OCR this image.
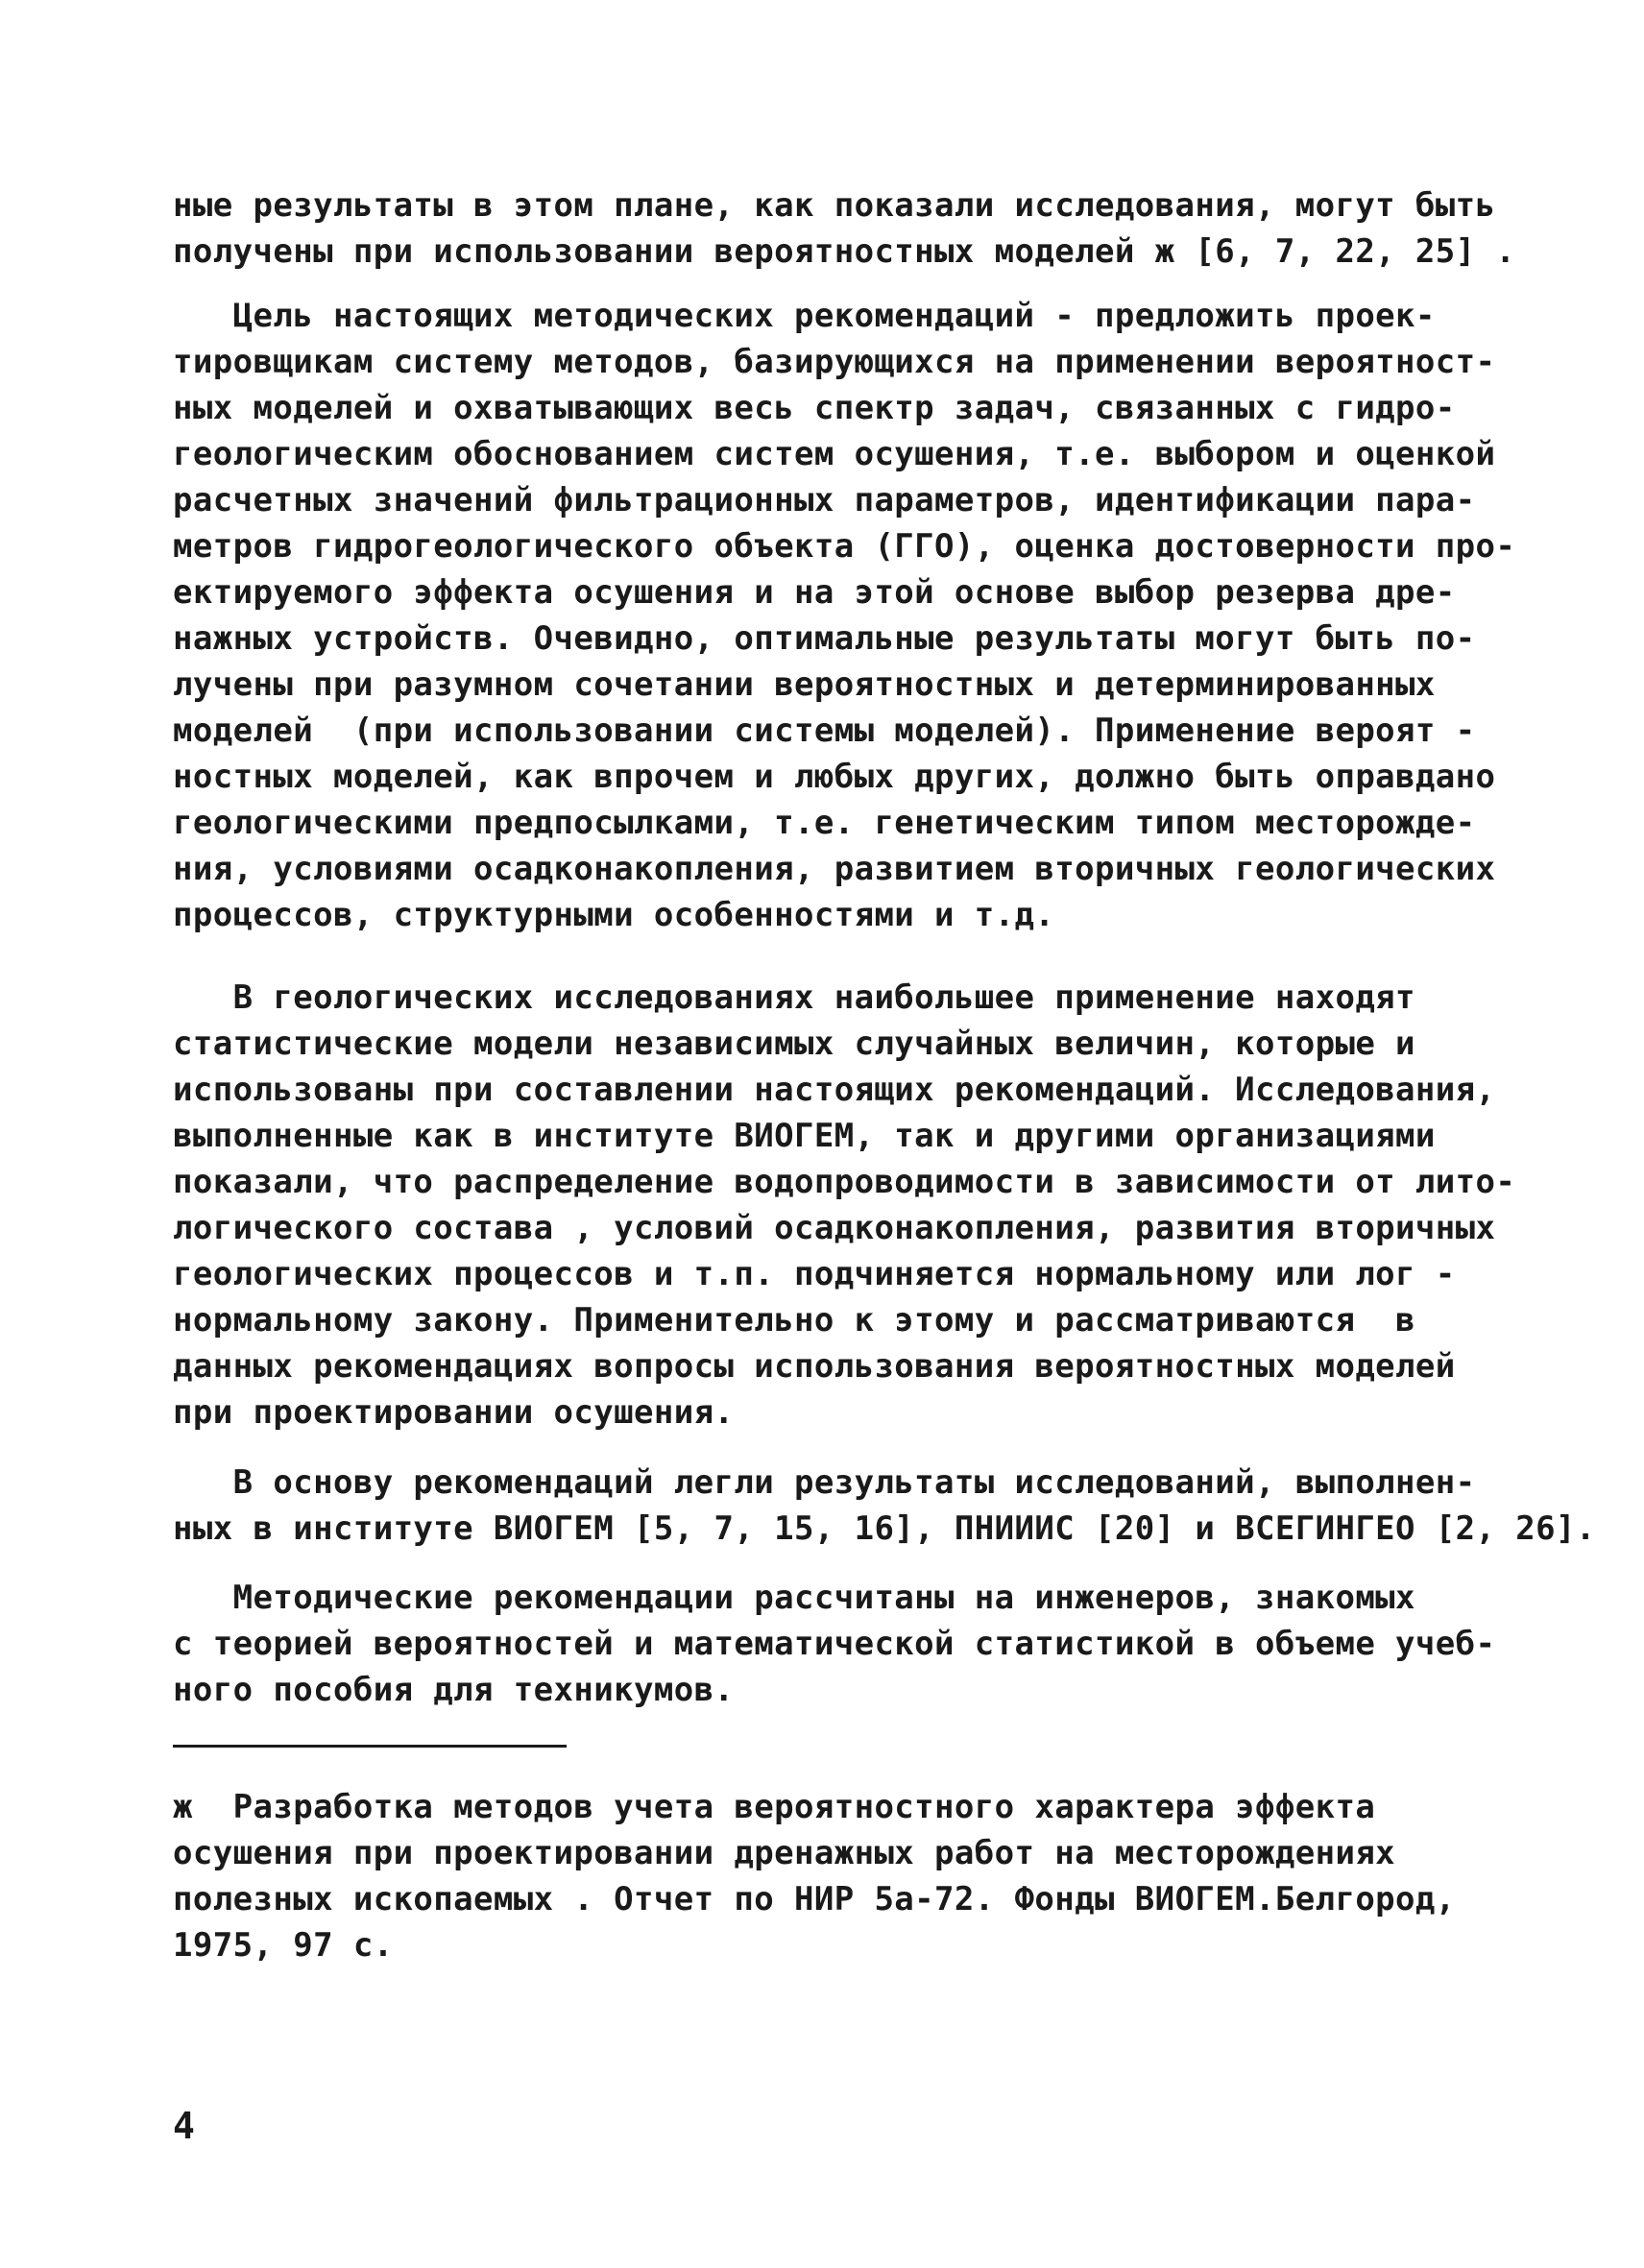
ные результаты в этом плане, как показали исследования, могут быть
получены при использовании вероятностных моделей ж [6, 7, 22, 25] .
Цель настоящих методических рекомендаций - предложить проек-
тировщикам систему методов, базирующихся на применении вероятност-
ных моделей и охватывающих весь спектр задач, связанных с гидро-
геологическим обоснованием систем осушения, т.е. выбором и оценкой
расчетных значений фильтрационных параметров, идентификации пара-
метров гидрогеологического объекта (ГГО), оценка достоверности про-
ектируемого эффекта осушения и на этой основе выбор резерва дре-
нажных устройств. Очевидно, оптимальные результаты могут быть по-
лучены при разумном сочетании вероятностных и детерминированных
моделей  (при использовании системы моделей). Применение вероят -
ностных моделей, как впрочем и любых других, должно быть оправдано
геологическими предпосылками, т.е. генетическим типом месторожде-
ния, условиями осадконакопления, развитием вторичных геологических
процессов, структурными особенностями и т.д.
В геологических исследованиях наибольшее применение находят
статистические модели независимых случайных величин, которые и
использованы при составлении настоящих рекомендаций. Исследования,
выполненные как в институте ВИОГЕМ, так и другими организациями
показали, что распределение водопроводимости в зависимости от лито-
логического состава , условий осадконакопления, развития вторичных
геологических процессов и т.п. подчиняется нормальному или лог -
нормальному закону. Применительно к этому и рассматриваются  в
данных рекомендациях вопросы использования вероятностных моделей
при проектировании осушения.
В основу рекомендаций легли результаты исследований, выполнен-
ных в институте ВИОГЕМ [5, 7, 15, 16], ПНИИИС [20] и ВСЕГИНГЕО [2, 26].
Методические рекомендации рассчитаны на инженеров, знакомых
с теорией вероятностей и математической статистикой в объеме учеб-
ного пособия для техникумов.
ж  Разработка методов учета вероятностного характера эффекта
осушения при проектировании дренажных работ на месторождениях
полезных ископаемых . Отчет по НИР 5а-72. Фонды ВИОГЕМ.Белгород,
1975, 97 с.
4
